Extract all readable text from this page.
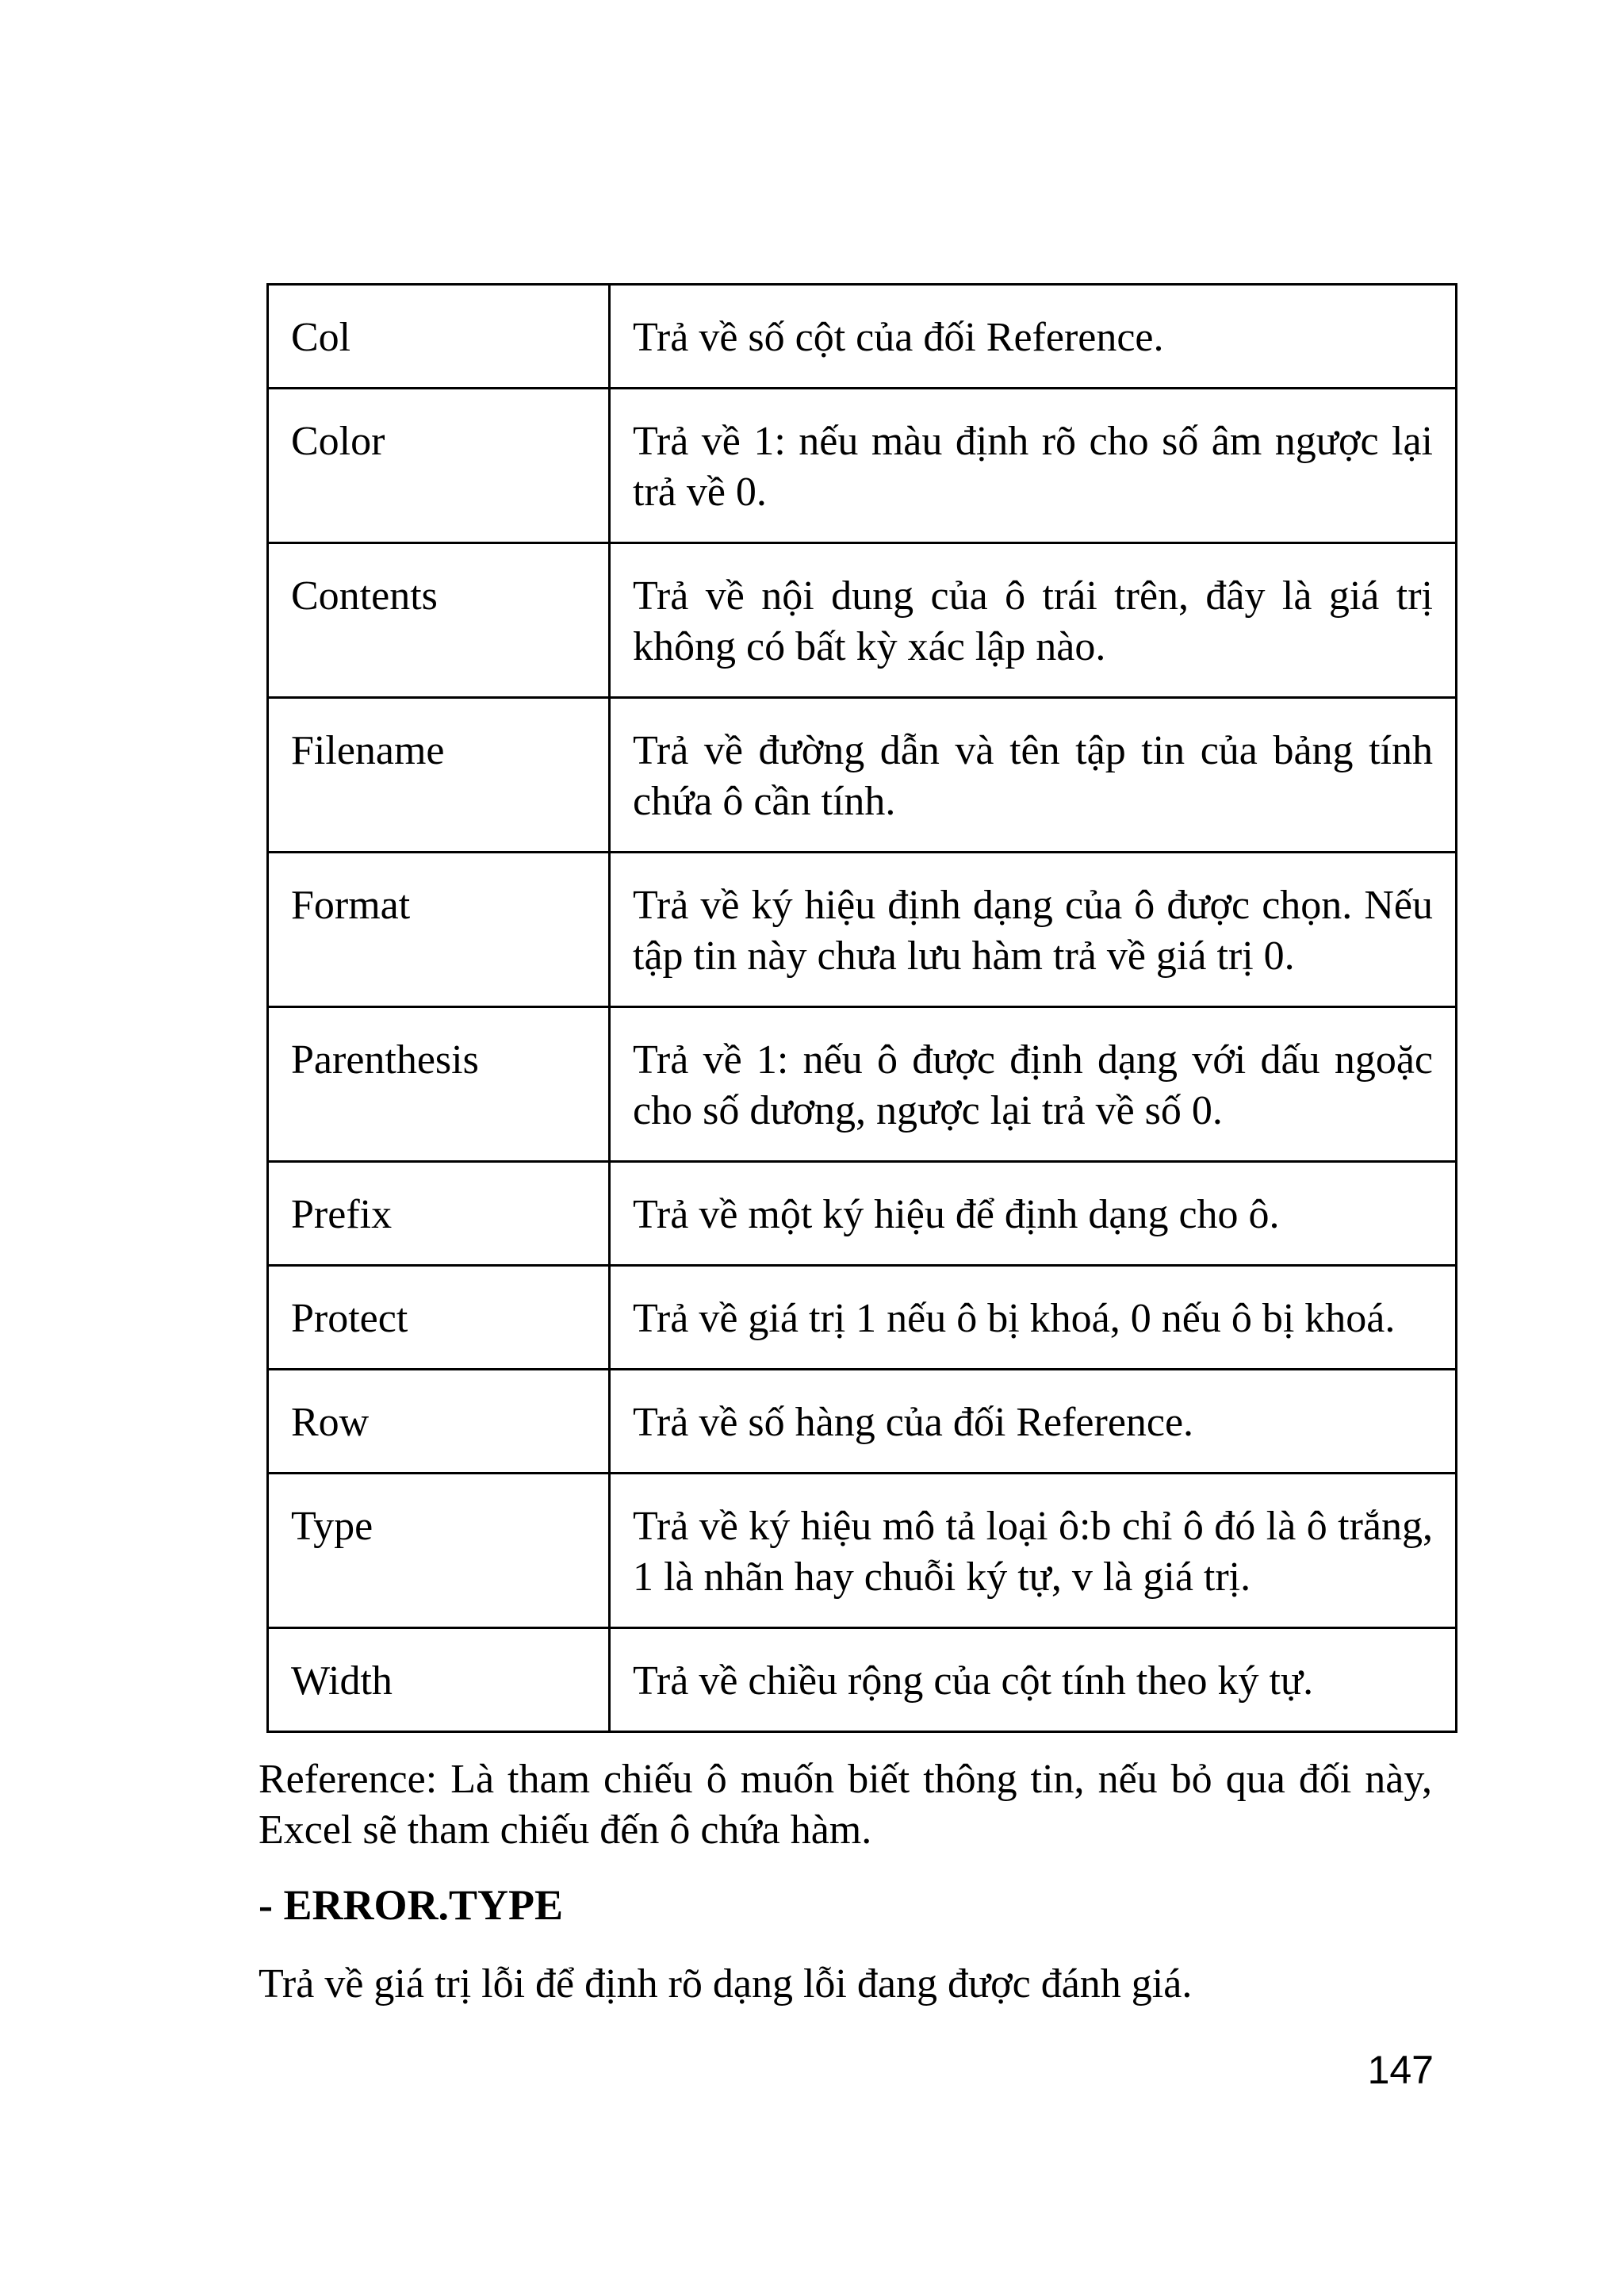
Col	Trả về số cột của đối Reference.
Color	Trả về 1: nếu màu định rõ cho số âm ngược lại trả về 0.
Contents	Trả về nội dung của ô trái trên, đây là giá trị không có bất kỳ xác lập nào.
Filename	Trả về đường dẫn và tên tập tin của bảng tính chứa ô cần tính.
Format	Trả về ký hiệu định dạng của ô được chọn. Nếu tập tin này chưa lưu hàm trả về giá trị 0.
Parenthesis	Trả về 1: nếu ô được định dạng với dấu ngoặc cho số dương, ngược lại trả về số 0.
Prefix	Trả về một ký hiệu để định dạng cho ô.
Protect	Trả về giá trị 1 nếu ô bị khoá, 0 nếu ô bị khoá.
Row	Trả về số hàng của đối Reference.
Type	Trả về ký hiệu mô tả loại ô:b chỉ ô đó là ô trắng, 1 là nhãn hay chuỗi ký tự, v là giá trị.
Width	Trả về chiều rộng của cột tính theo ký tự.

Reference: Là tham chiếu ô muốn biết thông tin, nếu bỏ qua đối này, Excel sẽ tham chiếu đến ô chứa hàm.

- ERROR.TYPE

Trả về giá trị lỗi để định rõ dạng lỗi đang được đánh giá.

147
